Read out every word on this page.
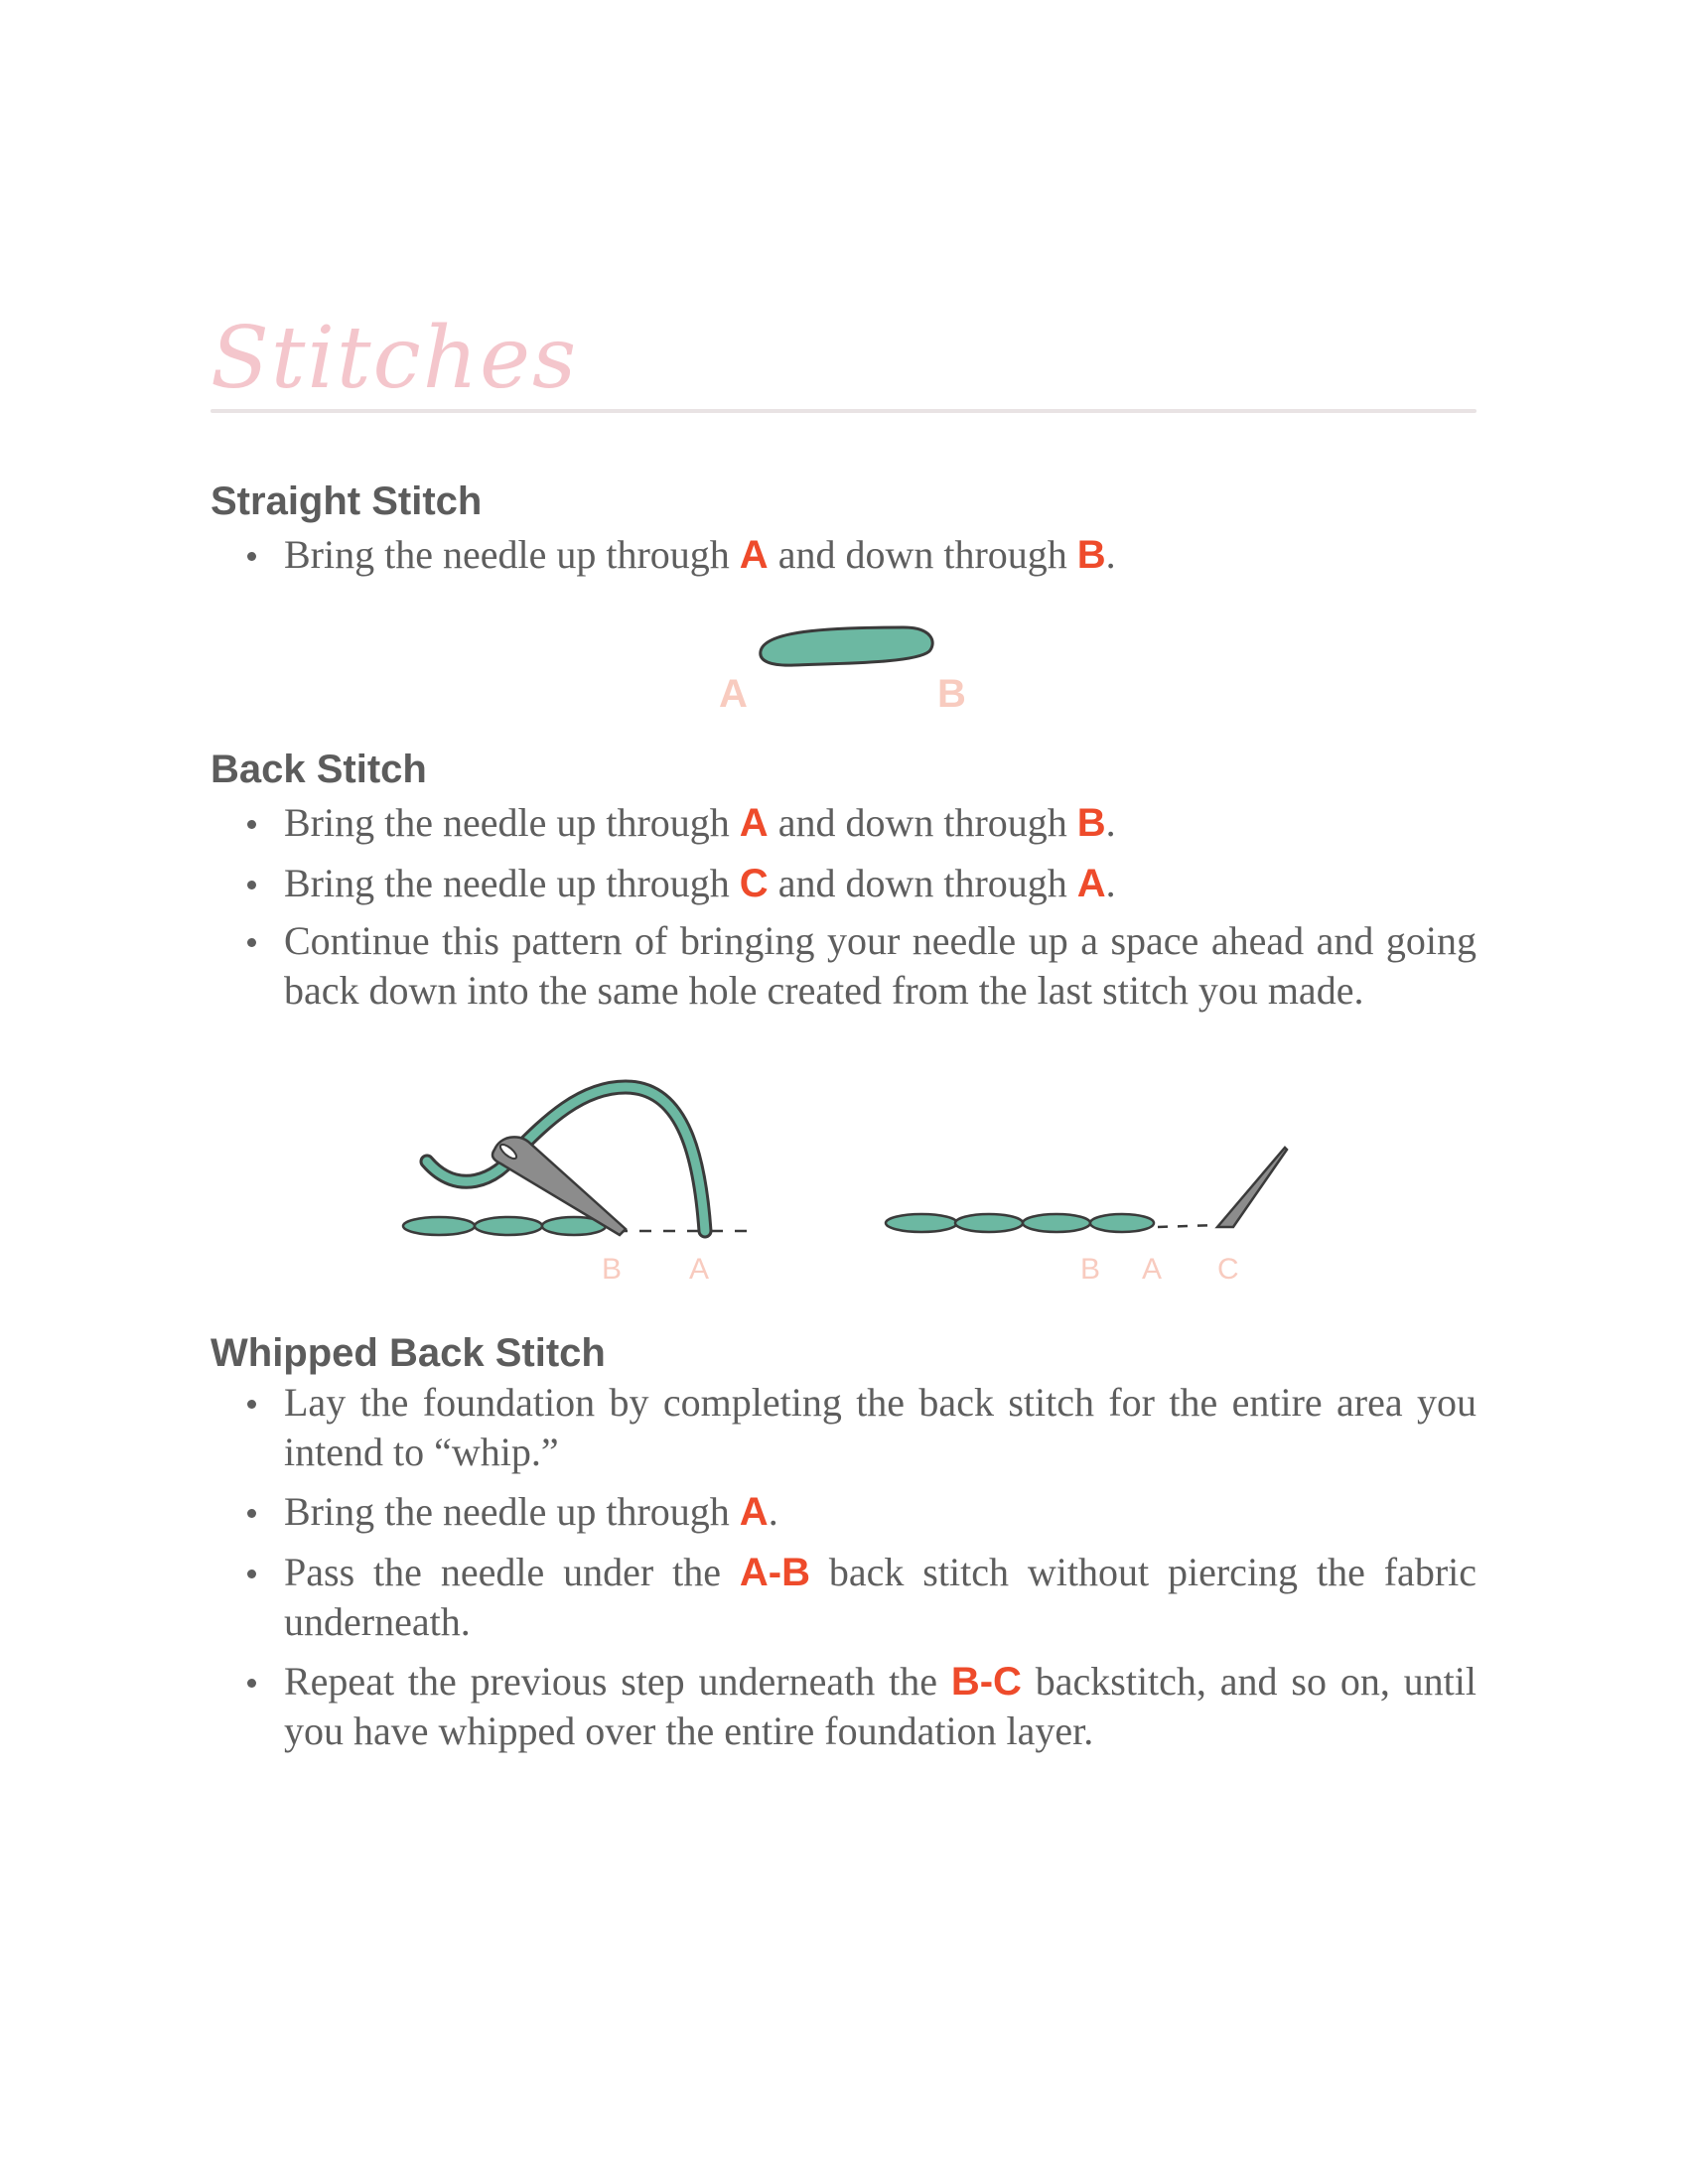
Stitches
Straight Stitch
Bring the needle up through A and down through B.
A	B
Back Stitch
Bring the needle up through A and down through B.
Bring the needle up through C and down through A.
Continue this pattern of bringing your needle up a space ahead and going back down into the same hole created from the last stitch you made.
B A	B A C
Whipped Back Stitch
Lay the foundation by completing the back stitch for the entire area you intend to “whip.”
Bring the needle up through A.
Pass the needle under the A-B back stitch without piercing the fabric underneath.
Repeat the previous step underneath the B-C backstitch, and so on, until you have whipped over the entire foundation layer.
